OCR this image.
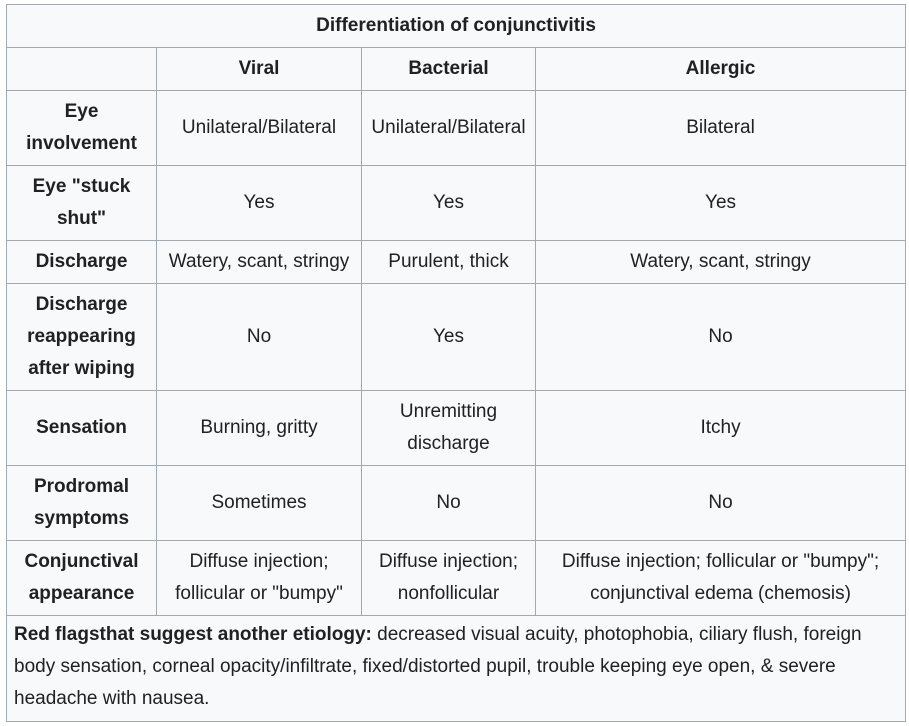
Differentiation of conjunctivitis			
	Viral	Bacterial	Allergic
Eye involvement	Unilateral/Bilateral	Unilateral/Bilateral	Bilateral
Eye "stuck shut"	Yes	Yes	Yes
Discharge	Watery, scant, stringy	Purulent, thick	Watery, scant, stringy
Discharge reappearing after wiping	No	Yes	No
Sensation	Burning, gritty	Unremitting discharge	Itchy
Prodromal symptoms	Sometimes	No	No
Conjunctival appearance	Diffuse injection; follicular or "bumpy"	Diffuse injection; nonfollicular	Diffuse injection; follicular or "bumpy"; conjunctival edema (chemosis)
Red flagsthat suggest another etiology: decreased visual acuity, photophobia, ciliary flush, foreign body sensation, corneal opacity/infiltrate, fixed/distorted pupil, trouble keeping eye open, & severe headache with nausea.			
